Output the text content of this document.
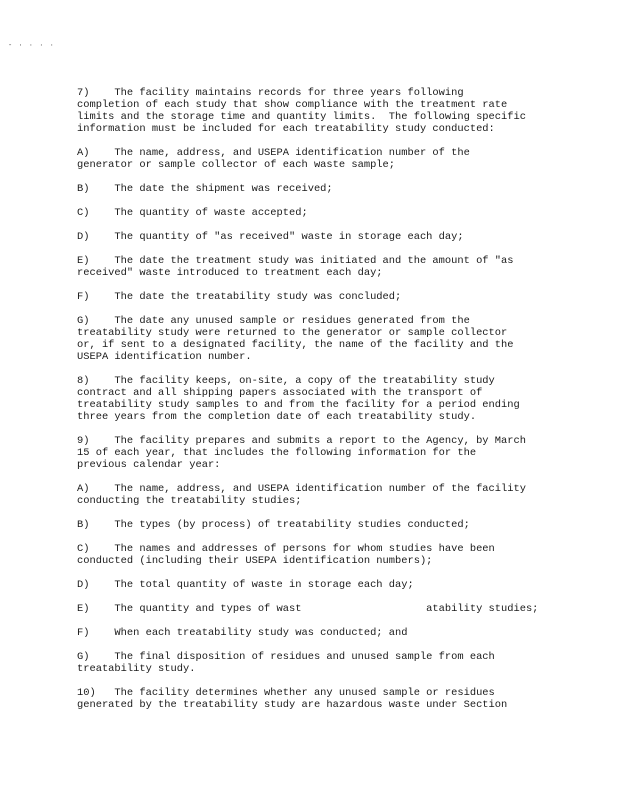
- · · · ·
7)    The facility maintains records for three years following
completion of each study that show compliance with the treatment rate
limits and the storage time and quantity limits.  The following specific
information must be included for each treatability study conducted:
A)    The name, address, and USEPA identification number of the
generator or sample collector of each waste sample;
B)    The date the shipment was received;
C)    The quantity of waste accepted;
D)    The quantity of "as received" waste in storage each day;
E)    The date the treatment study was initiated and the amount of "as
received" waste introduced to treatment each day;
F)    The date the treatability study was concluded;
G)    The date any unused sample or residues generated from the
treatability study were returned to the generator or sample collector
or, if sent to a designated facility, the name of the facility and the
USEPA identification number.
8)    The facility keeps, on-site, a copy of the treatability study
contract and all shipping papers associated with the transport of
treatability study samples to and from the facility for a period ending
three years from the completion date of each treatability study.
9)    The facility prepares and submits a report to the Agency, by March
15 of each year, that includes the following information for the
previous calendar year:
A)    The name, address, and USEPA identification number of the facility
conducting the treatability studies;
B)    The types (by process) of treatability studies conducted;
C)    The names and addresses of persons for whom studies have been
conducted (including their USEPA identification numbers);
D)    The total quantity of waste in storage each day;
E)    The quantity and types of wast                    atability studies;
F)    When each treatability study was conducted; and
G)    The final disposition of residues and unused sample from each
treatability study.
10)   The facility determines whether any unused sample or residues
generated by the treatability study are hazardous waste under Section
